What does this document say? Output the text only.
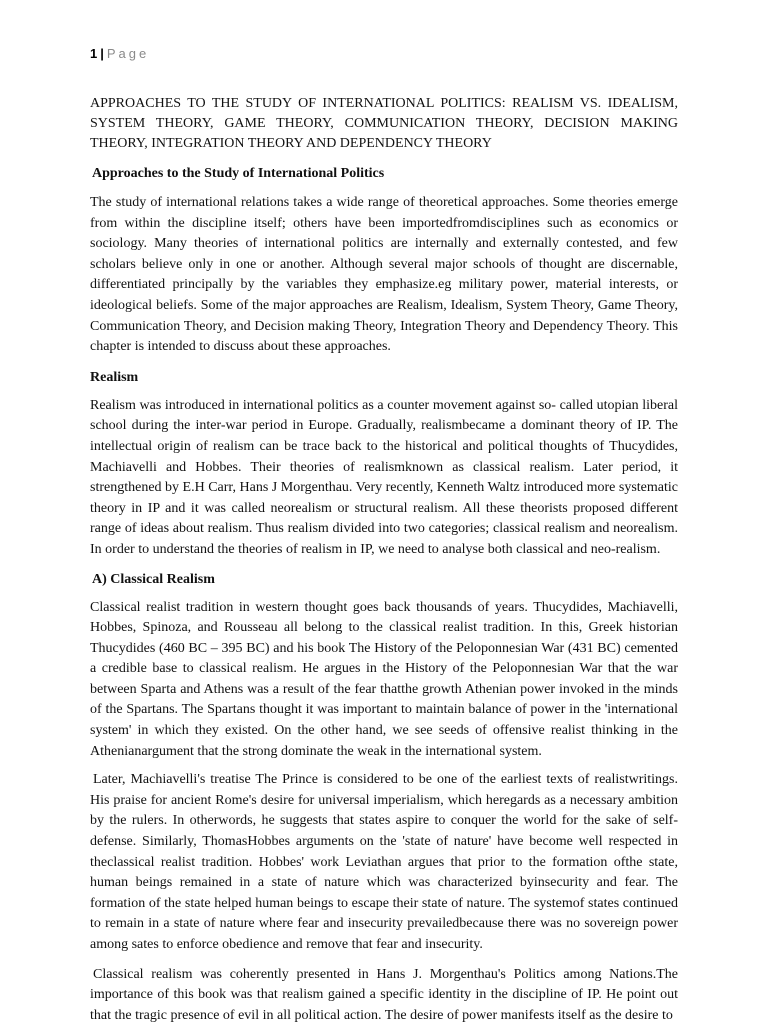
1 | Page
APPROACHES TO THE STUDY OF INTERNATIONAL POLITICS: REALISM VS. IDEALISM, SYSTEM THEORY, GAME THEORY, COMMUNICATION THEORY, DECISION MAKING THEORY, INTEGRATION THEORY AND DEPENDENCY THEORY
Approaches to the Study of International Politics

The study of international relations takes a wide range of theoretical approaches. Some theories emerge from within the discipline itself; others have been importedfromdisciplines such as economics or sociology. Many theories of international politics are internally and externally contested, and few scholars believe only in one or another. Although several major schools of thought are discernable, differentiated principally by the variables they emphasize.eg military power, material interests, or ideological beliefs. Some of the major approaches are Realism, Idealism, System Theory, Game Theory, Communication Theory, and Decision making Theory, Integration Theory and Dependency Theory. This chapter is intended to discuss about these approaches.

Realism

Realism was introduced in international politics as a counter movement against so- called utopian liberal school during the inter-war period in Europe. Gradually, realismbecame a dominant theory of IP. The intellectual origin of realism can be trace back to the historical and political thoughts of Thucydides, Machiavelli and Hobbes. Their theories of realismknown as classical realism. Later period, it strengthened by E.H Carr, Hans J Morgenthau. Very recently, Kenneth Waltz introduced more systematic theory in IP and it was called neorealism or structural realism. All these theorists proposed different range of ideas about realism. Thus realism divided into two categories; classical realism and neorealism. In order to understand the theories of realism in IP, we need to analyse both classical and neo-realism.

A) Classical Realism

Classical realist tradition in western thought goes back thousands of years. Thucydides, Machiavelli, Hobbes, Spinoza, and Rousseau all belong to the classical realist tradition. In this, Greek historian Thucydides (460 BC – 395 BC) and his book The History of the Peloponnesian War (431 BC) cemented a credible base to classical realism. He argues in the History of the Peloponnesian War that the war between Sparta and Athens was a result of the fear thatthe growth Athenian power invoked in the minds of the Spartans. The Spartans thought it was important to maintain balance of power in the 'international system' in which they existed. On the other hand, we see seeds of offensive realist thinking in the Athenianargument that the strong dominate the weak in the international system.

Later, Machiavelli's treatise The Prince is considered to be one of the earliest texts of realistwritings. His praise for ancient Rome's desire for universal imperialism, which heregards as a necessary ambition by the rulers. In otherwords, he suggests that states aspire to conquer the world for the sake of self-defense. Similarly, ThomasHobbes arguments on the 'state of nature' have become well respected in theclassical realist tradition. Hobbes' work Leviathan argues that prior to the formation ofthe state, human beings remained in a state of nature which was characterized byinsecurity and fear. The formation of the state helped human beings to escape their state of nature. The systemof states continued to remain in a state of nature where fear and insecurity prevailedbecause there was no sovereign power among sates to enforce obedience and remove that fear and insecurity.

Classical realism was coherently presented in Hans J. Morgenthau's Politics among Nations.The importance of this book was that realism gained a specific identity in the discipline of IP. He point out that the tragic presence of evil in all political action. The desire of power manifests itself as the desire to
